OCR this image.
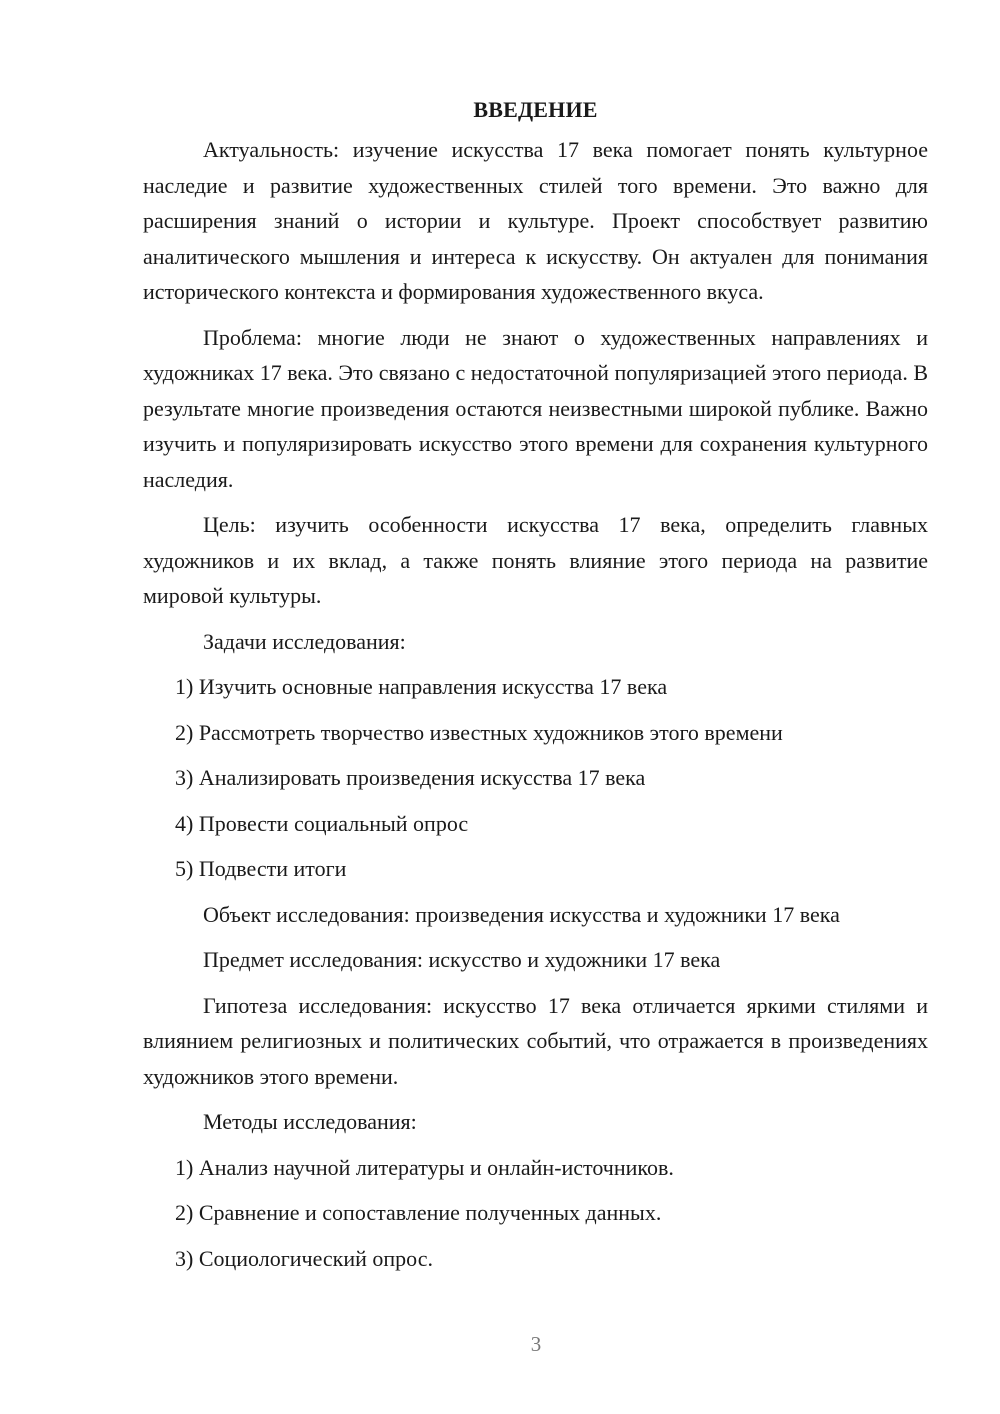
ВВЕДЕНИЕ

Актуальность: изучение искусства 17 века помогает понять культурное наследие и развитие художественных стилей того времени. Это важно для расширения знаний о истории и культуре. Проект способствует развитию аналитического мышления и интереса к искусству. Он актуален для понимания исторического контекста и формирования художественного вкуса.

Проблема: многие люди не знают о художественных направлениях и художниках 17 века. Это связано с недостаточной популяризацией этого периода. В результате многие произведения остаются неизвестными широкой публике. Важно изучить и популяризировать искусство этого времени для сохранения культурного наследия.

Цель: изучить особенности искусства 17 века, определить главных художников и их вклад, а также понять влияние этого периода на развитие мировой культуры.

Задачи исследования:
1) Изучить основные направления искусства 17 века
2) Рассмотреть творчество известных художников этого времени
3) Анализировать произведения искусства 17 века
4) Провести социальный опрос
5) Подвести итоги
Объект исследования: произведения искусства и художники 17 века
Предмет исследования: искусство и художники 17 века

Гипотеза исследования: искусство 17 века отличается яркими стилями и влиянием религиозных и политических событий, что отражается в произведениях художников этого времени.

Методы исследования:
1) Анализ научной литературы и онлайн-источников.
2) Сравнение и сопоставление полученных данных.
3) Социологический опрос.
3
